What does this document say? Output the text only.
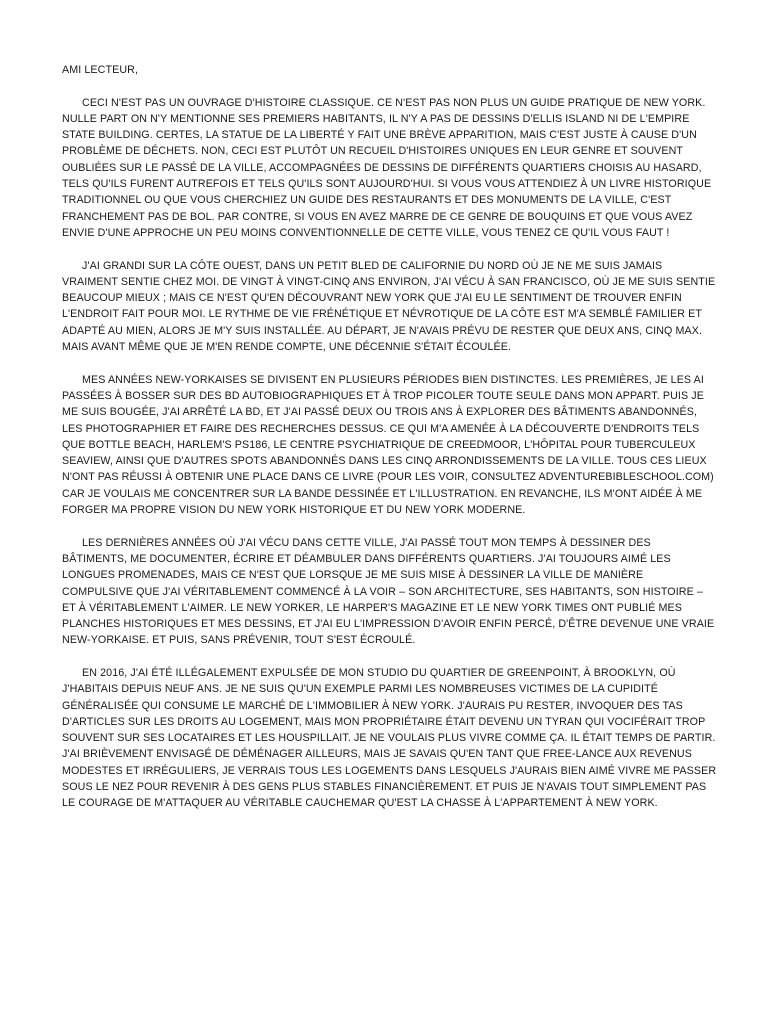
AMI LECTEUR,

CECI N'EST PAS UN OUVRAGE D'HISTOIRE CLASSIQUE. CE N'EST PAS NON PLUS UN GUIDE PRATIQUE DE NEW YORK. NULLE PART ON N'Y MENTIONNE SES PREMIERS HABITANTS, IL N'Y A PAS DE DESSINS D'ELLIS ISLAND NI DE L'EMPIRE STATE BUILDING. CERTES, LA STATUE DE LA LIBERTÉ Y FAIT UNE BRÈVE APPARITION, MAIS C'EST JUSTE À CAUSE D'UN PROBLÈME DE DÉCHETS. NON, CECI EST PLUTÔT UN RECUEIL D'HISTOIRES UNIQUES EN LEUR GENRE ET SOUVENT OUBLIÉES SUR LE PASSÉ DE LA VILLE, ACCOMPAGNÉES DE DESSINS DE DIFFÉRENTS QUARTIERS CHOISIS AU HASARD, TELS QU'ILS FURENT AUTREFOIS ET TELS QU'ILS SONT AUJOURD'HUI. SI VOUS VOUS ATTENDIEZ À UN LIVRE HISTORIQUE TRADITIONNEL OU QUE VOUS CHERCHIEZ UN GUIDE DES RESTAURANTS ET DES MONUMENTS DE LA VILLE, C'EST FRANCHEMENT PAS DE BOL. PAR CONTRE, SI VOUS EN AVEZ MARRE DE CE GENRE DE BOUQUINS ET QUE VOUS AVEZ ENVIE D'UNE APPROCHE UN PEU MOINS CONVENTIONNELLE DE CETTE VILLE, VOUS TENEZ CE QU'IL VOUS FAUT !

J'AI GRANDI SUR LA CÔTE OUEST, DANS UN PETIT BLED DE CALIFORNIE DU NORD OÙ JE NE ME SUIS JAMAIS VRAIMENT SENTIE CHEZ MOI. DE VINGT À VINGT-CINQ ANS ENVIRON, J'AI VÉCU À SAN FRANCISCO, OÙ JE ME SUIS SENTIE BEAUCOUP MIEUX ; MAIS CE N'EST QU'EN DÉCOUVRANT NEW YORK QUE J'AI EU LE SENTIMENT DE TROUVER ENFIN L'ENDROIT FAIT POUR MOI. LE RYTHME DE VIE FRÉNÉTIQUE ET NÉVROTIQUE DE LA CÔTE EST M'A SEMBLÉ FAMILIER ET ADAPTÉ AU MIEN, ALORS JE M'Y SUIS INSTALLÉE. AU DÉPART, JE N'AVAIS PRÉVU DE RESTER QUE DEUX ANS, CINQ MAX. MAIS AVANT MÊME QUE JE M'EN RENDE COMPTE, UNE DÉCENNIE S'ÉTAIT ÉCOULÉE.

MES ANNÉES NEW-YORKAISES SE DIVISENT EN PLUSIEURS PÉRIODES BIEN DISTINCTES. LES PREMIÈRES, JE LES AI PASSÉES À BOSSER SUR DES BD AUTOBIOGRAPHIQUES ET À TROP PICOLER TOUTE SEULE DANS MON APPART. PUIS JE ME SUIS BOUGÉE, J'AI ARRÊTÉ LA BD, ET J'AI PASSÉ DEUX OU TROIS ANS À EXPLORER DES BÂTIMENTS ABANDONNÉS, LES PHOTOGRAPHIER ET FAIRE DES RECHERCHES DESSUS. CE QUI M'A AMENÉE À LA DÉCOUVERTE D'ENDROITS TELS QUE BOTTLE BEACH, HARLEM'S PS186, LE CENTRE PSYCHIATRIQUE DE CREEDMOOR, L'HÔPITAL POUR TUBERCULEUX SEAVIEW, AINSI QUE D'AUTRES SPOTS ABANDONNÉS DANS LES CINQ ARRONDISSEMENTS DE LA VILLE. TOUS CES LIEUX N'ONT PAS RÉUSSI À OBTENIR UNE PLACE DANS CE LIVRE (POUR LES VOIR, CONSULTEZ ADVENTUREBIBLESCHOOL.COM) CAR JE VOULAIS ME CONCENTRER SUR LA BANDE DESSINÉE ET L'ILLUSTRATION. EN REVANCHE, ILS M'ONT AIDÉE À ME FORGER MA PROPRE VISION DU NEW YORK HISTORIQUE ET DU NEW YORK MODERNE.

LES DERNIÈRES ANNÉES OÙ J'AI VÉCU DANS CETTE VILLE, J'AI PASSÉ TOUT MON TEMPS À DESSINER DES BÂTIMENTS, ME DOCUMENTER, ÉCRIRE ET DÉAMBULER DANS DIFFÉRENTS QUARTIERS. J'AI TOUJOURS AIMÉ LES LONGUES PROMENADES, MAIS CE N'EST QUE LORSQUE JE ME SUIS MISE À DESSINER LA VILLE DE MANIÈRE COMPULSIVE QUE J'AI VÉRITABLEMENT COMMENCÉ À LA VOIR – SON ARCHITECTURE, SES HABITANTS, SON HISTOIRE – ET À VÉRITABLEMENT L'AIMER. LE NEW YORKER, LE HARPER'S MAGAZINE ET LE NEW YORK TIMES ONT PUBLIÉ MES PLANCHES HISTORIQUES ET MES DESSINS, ET J'AI EU L'IMPRESSION D'AVOIR ENFIN PERCÉ, D'ÊTRE DEVENUE UNE VRAIE NEW-YORKAISE. ET PUIS, SANS PRÉVENIR, TOUT S'EST ÉCROULÉ.

EN 2016, J'AI ÉTÉ ILLÉGALEMENT EXPULSÉE DE MON STUDIO DU QUARTIER DE GREENPOINT, À BROOKLYN, OÙ J'HABITAIS DEPUIS NEUF ANS. JE NE SUIS QU'UN EXEMPLE PARMI LES NOMBREUSES VICTIMES DE LA CUPIDITÉ GÉNÉRALISÉE QUI CONSUME LE MARCHÉ DE L'IMMOBILIER À NEW YORK. J'AURAIS PU RESTER, INVOQUER DES TAS D'ARTICLES SUR LES DROITS AU LOGEMENT, MAIS MON PROPRIÉTAIRE ÉTAIT DEVENU UN TYRAN QUI VOCIFÉRAIT TROP SOUVENT SUR SES LOCATAIRES ET LES HOUSPILLAIT. JE NE VOULAIS PLUS VIVRE COMME ÇA. IL ÉTAIT TEMPS DE PARTIR. J'AI BRIÈVEMENT ENVISAGÉ DE DÉMÉNAGER AILLEURS, MAIS JE SAVAIS QU'EN TANT QUE FREE-LANCE AUX REVENUS MODESTES ET IRRÉGULIERS, JE VERRAIS TOUS LES LOGEMENTS DANS LESQUELS J'AURAIS BIEN AIMÉ VIVRE ME PASSER SOUS LE NEZ POUR REVENIR À DES GENS PLUS STABLES FINANCIÈREMENT. ET PUIS JE N'AVAIS TOUT SIMPLEMENT PAS LE COURAGE DE M'ATTAQUER AU VÉRITABLE CAUCHEMAR QU'EST LA CHASSE À L'APPARTEMENT À NEW YORK.
